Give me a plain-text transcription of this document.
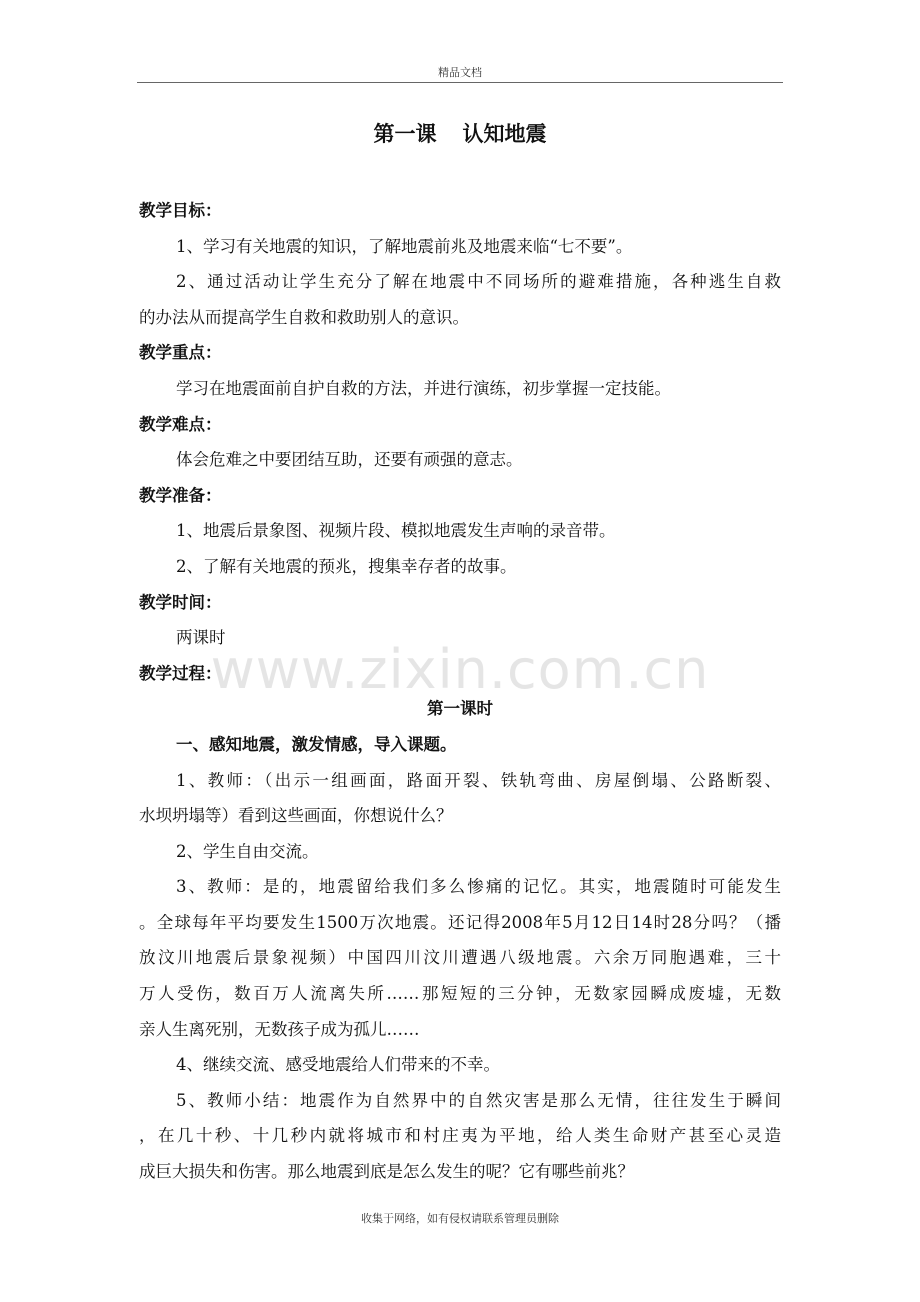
精品文档
第一课 认知地震
教学目标：
1、学习有关地震的知识，了解地震前兆及地震来临“七不要”。
2、通过活动让学生充分了解在地震中不同场所的避难措施，各种逃生自救
的办法从而提高学生自救和救助别人的意识。
教学重点：
学习在地震面前自护自救的方法，并进行演练，初步掌握一定技能。
教学难点：
体会危难之中要团结互助，还要有顽强的意志。
教学准备：
1、地震后景象图、视频片段、模拟地震发生声响的录音带。
2、了解有关地震的预兆，搜集幸存者的故事。
教学时间：
两课时
教学过程：
第一课时
一、感知地震，激发情感，导入课题。
1、教师：（出示一组画面，路面开裂、铁轨弯曲、房屋倒塌、公路断裂、
水坝坍塌等）看到这些画面，你想说什么？
2、学生自由交流。
3、教师：是的，地震留给我们多么惨痛的记忆。其实，地震随时可能发生
。全球每年平均要发生1500万次地震。还记得2008年5月12日14时28分吗？（播
放汶川地震后景象视频）中国四川汶川遭遇八级地震。六余万同胞遇难，三十
万人受伤，数百万人流离失所……那短短的三分钟，无数家园瞬成废墟，无数
亲人生离死别，无数孩子成为孤儿……
4、继续交流、感受地震给人们带来的不幸。
5、教师小结：地震作为自然界中的自然灾害是那么无情，往往发生于瞬间
，在几十秒、十几秒内就将城市和村庄夷为平地，给人类生命财产甚至心灵造
成巨大损失和伤害。那么地震到底是怎么发生的呢？它有哪些前兆？
www.zixin.com.cn
收集于网络，如有侵权请联系管理员删除
